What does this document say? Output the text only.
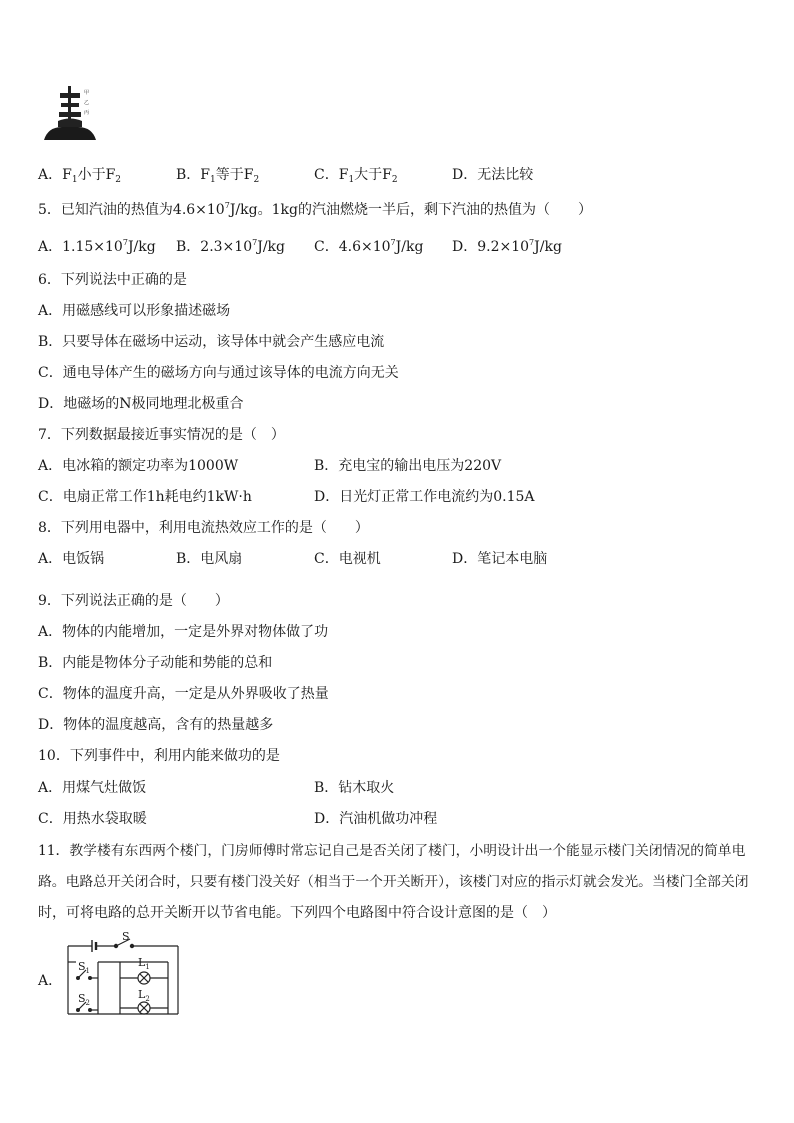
甲
乙
丙
A．$F_1$小于$F_2$	B．$F_1$等于$F_2$	C．$F_1$大于$F_2$	D．无法比较
5．已知汽油的热值为$4.6\times 10^7J/kg$。1kg的汽油燃烧一半后，剩下汽油的热值为（　　）
A．$1.15\times 10^7J/kg$ B．$2.3\times 10^7J/kg$ C．$4.6\times 10^7J/kg$ D．$9.2\times 10^7J/kg$
6．下列说法中正确的是
A．用磁感线可以形象描述磁场
B．只要导体在磁场中运动，该导体中就会产生感应电流
C．通电导体产生的磁场方向与通过该导体的电流方向无关
D．地磁场的N极同地理北极重合
7．下列数据最接近事实情况的是（　）
A．电冰箱的额定功率为1000W	B．充电宝的输出电压为220V
C．电扇正常工作1h耗电约1kW·h	D．日光灯正常工作电流约为0.15A
8．下列用电器中，利用电流热效应工作的是（　　）
A．电饭锅	B．电风扇	C．电视机	D．笔记本电脑
9．下列说法正确的是（　　）
A．物体的内能增加，一定是外界对物体做了功
B．内能是物体分子动能和势能的总和
C．物体的温度升高，一定是从外界吸收了热量
D．物体的温度越高，含有的热量越多
10．下列事件中，利用内能来做功的是
A．用煤气灶做饭	B．钻木取火
C．用热水袋取暖	D．汽油机做功冲程
11．教学楼有东西两个楼门，门房师傅时常忘记自己是否关闭了楼门，小明设计出一个能显示楼门关闭情况的简单电
路。电路总开关闭合时，只要有楼门没关好（相当于一个开关断开），该楼门对应的指示灯就会发光。当楼门全部关闭
时，可将电路的总开关断开以节省电能。下列四个电路图中符合设计意图的是（　）
A．
S
$S_1$
$S_2$
$L_1$
$L_2$
